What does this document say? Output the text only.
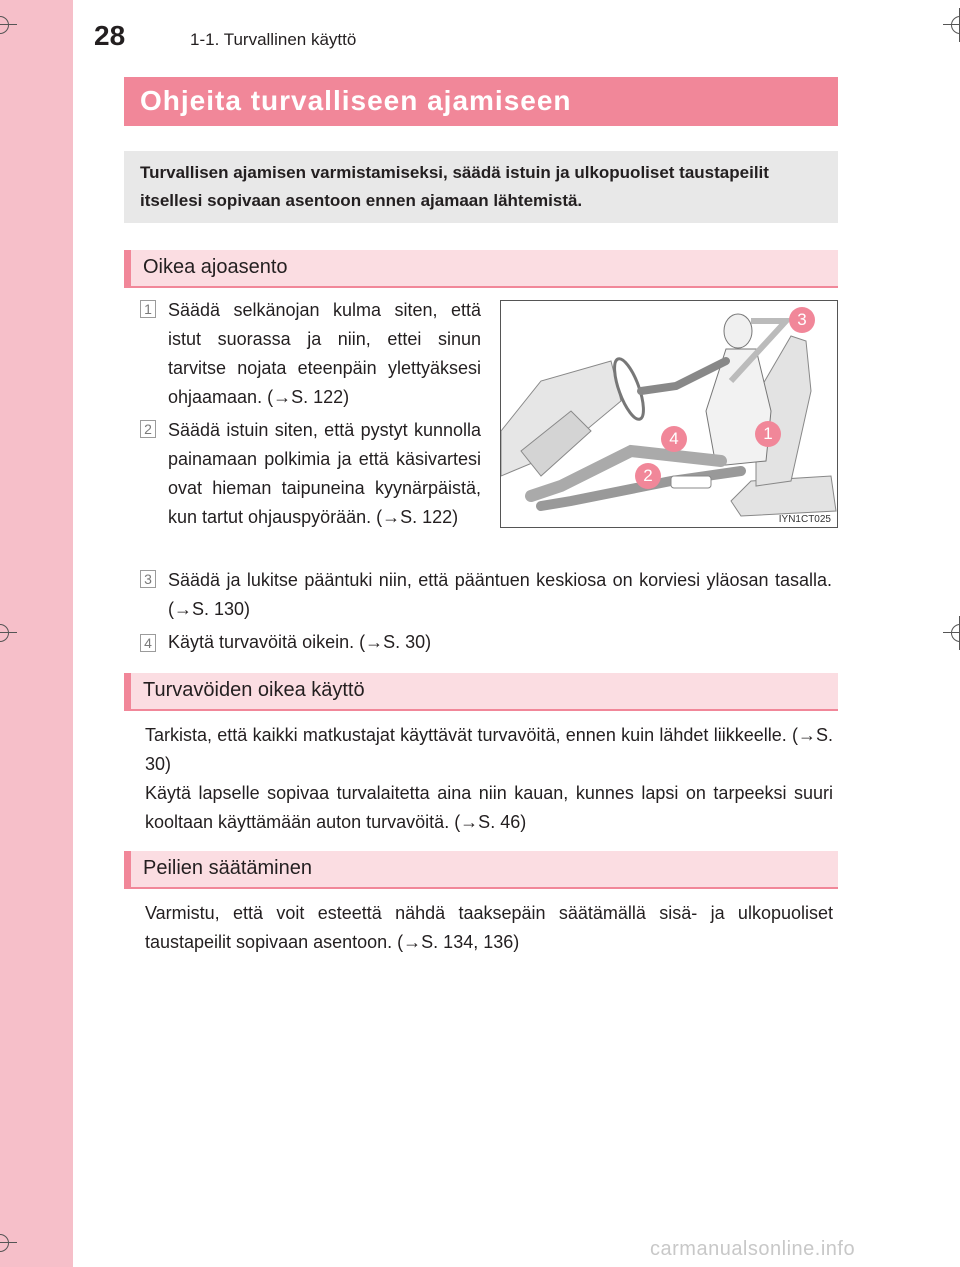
28	1-1. Turvallinen käyttö
Ohjeita turvalliseen ajamiseen

Turvallisen ajamisen varmistamiseksi, säädä istuin ja ulkopuoliset taustapeilit itsellesi sopivaan asentoon ennen ajamaan lähtemistä.

Oikea ajoasento
1 Säädä selkänojan kulma siten, että istut suorassa ja niin, ettei sinun tarvitse nojata eteenpäin ylettyäksesi ohjaamaan. (→S. 122)

2 Säädä istuin siten, että pystyt kunnolla painamaan polkimia ja että käsivartesi ovat hieman taipuneina kyynärpäistä, kun tartut ohjauspyörään. (→S. 122)

3
1
4
2
IYN1CT025
3 Säädä ja lukitse pääntuki niin, että pääntuen keskiosa on korviesi yläosan tasalla. (→S. 130)

4 Käytä turvavöitä oikein. (→S. 30)

Turvavöiden oikea käyttö

Tarkista, että kaikki matkustajat käyttävät turvavöitä, ennen kuin lähdet liikkeelle. (→S. 30)

Käytä lapselle sopivaa turvalaitetta aina niin kauan, kunnes lapsi on tarpeeksi suuri kooltaan käyttämään auton turvavöitä. (→S. 46)

Peilien säätäminen

Varmistu, että voit esteettä nähdä taaksepäin säätämällä sisä- ja ulkopuoliset taustapeilit sopivaan asentoon. (→S. 134, 136)

carmanualsonline.info
